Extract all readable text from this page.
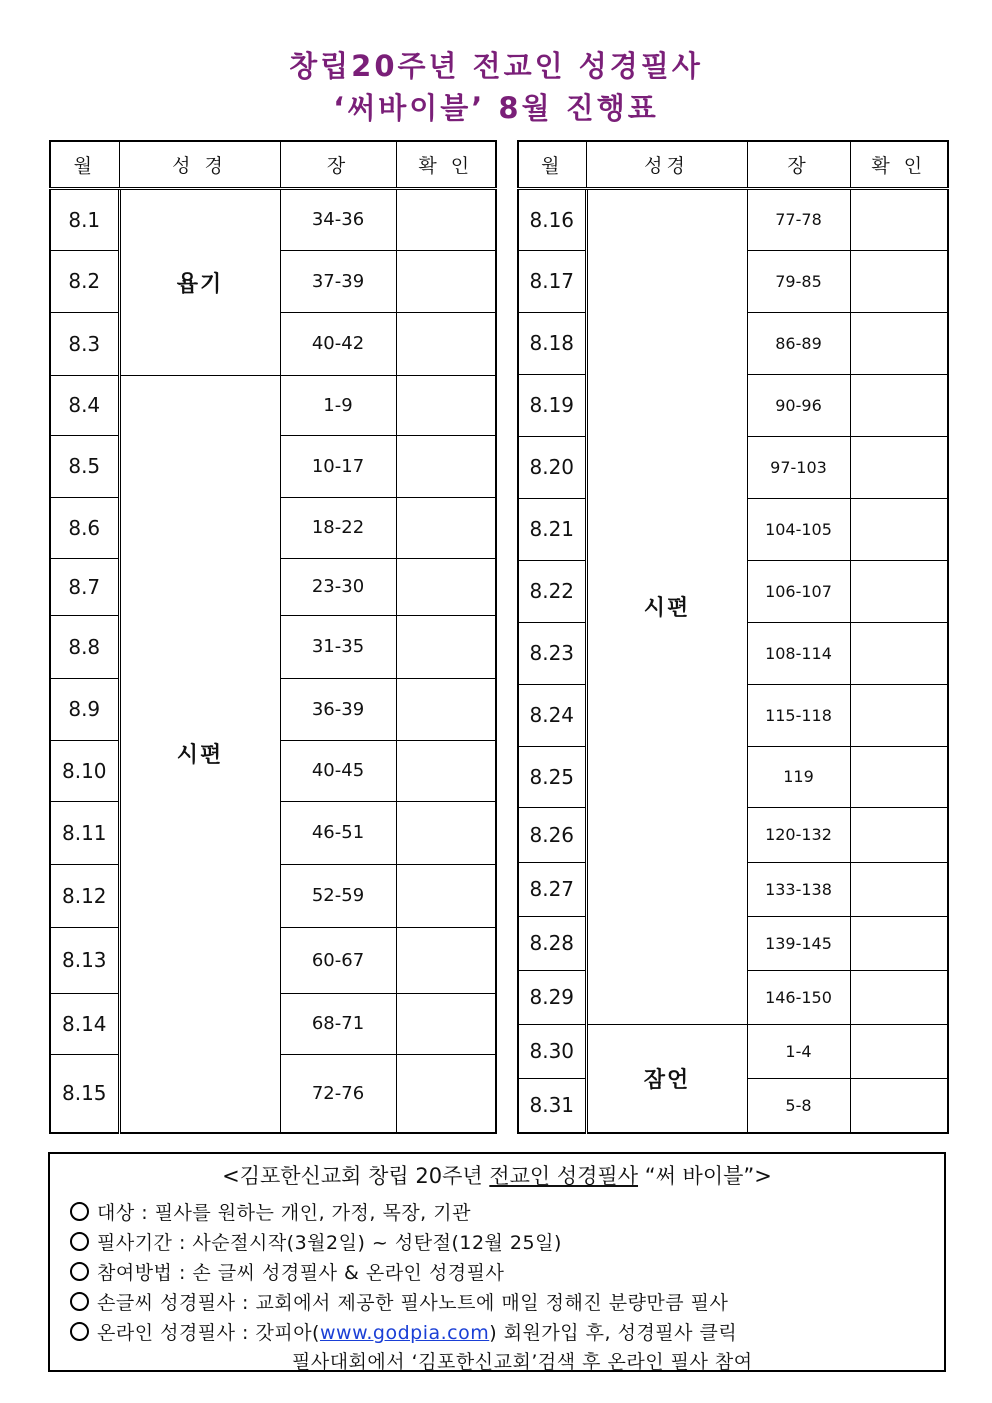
창립20주년 전교인 성경필사
‘써바이블’ 8월 진행표
월	성 경	장	확 인
8.1	욥기	34-36	
8.2		37-39	
8.3		40-42	
8.4	시편	1-9	
8.5		10-17	
8.6		18-22	
8.7		23-30	
8.8		31-35	
8.9		36-39	
8.10		40-45	
8.11		46-51	
8.12		52-59	
8.13		60-67	
8.14		68-71	
8.15		72-76	
월	성경	장	확 인
8.16	시편	77-78	
8.17		79-85	
8.18		86-89	
8.19		90-96	
8.20		97-103	
8.21		104-105	
8.22		106-107	
8.23		108-114	
8.24		115-118	
8.25		119	
8.26		120-132	
8.27		133-138	
8.28		139-145	
8.29		146-150	
8.30	잠언	1-4	
8.31		5-8	
<김포한신교회 창립 20주년 전교인 성경필사 “써 바이블”>
대상 : 필사를 원하는 개인, 가정, 목장, 기관
필사기간 : 사순절시작(3월2일) ~ 성탄절(12월 25일)
참여방법 : 손 글씨 성경필사 & 온라인 성경필사
손글씨 성경필사 : 교회에서 제공한 필사노트에 매일 정해진 분량만큼 필사
온라인 성경필사 : 갓피아(www.godpia.com) 회원가입 후, 성경필사 클릭
필사대회에서 ‘김포한신교회’검색 후 온라인 필사 참여
